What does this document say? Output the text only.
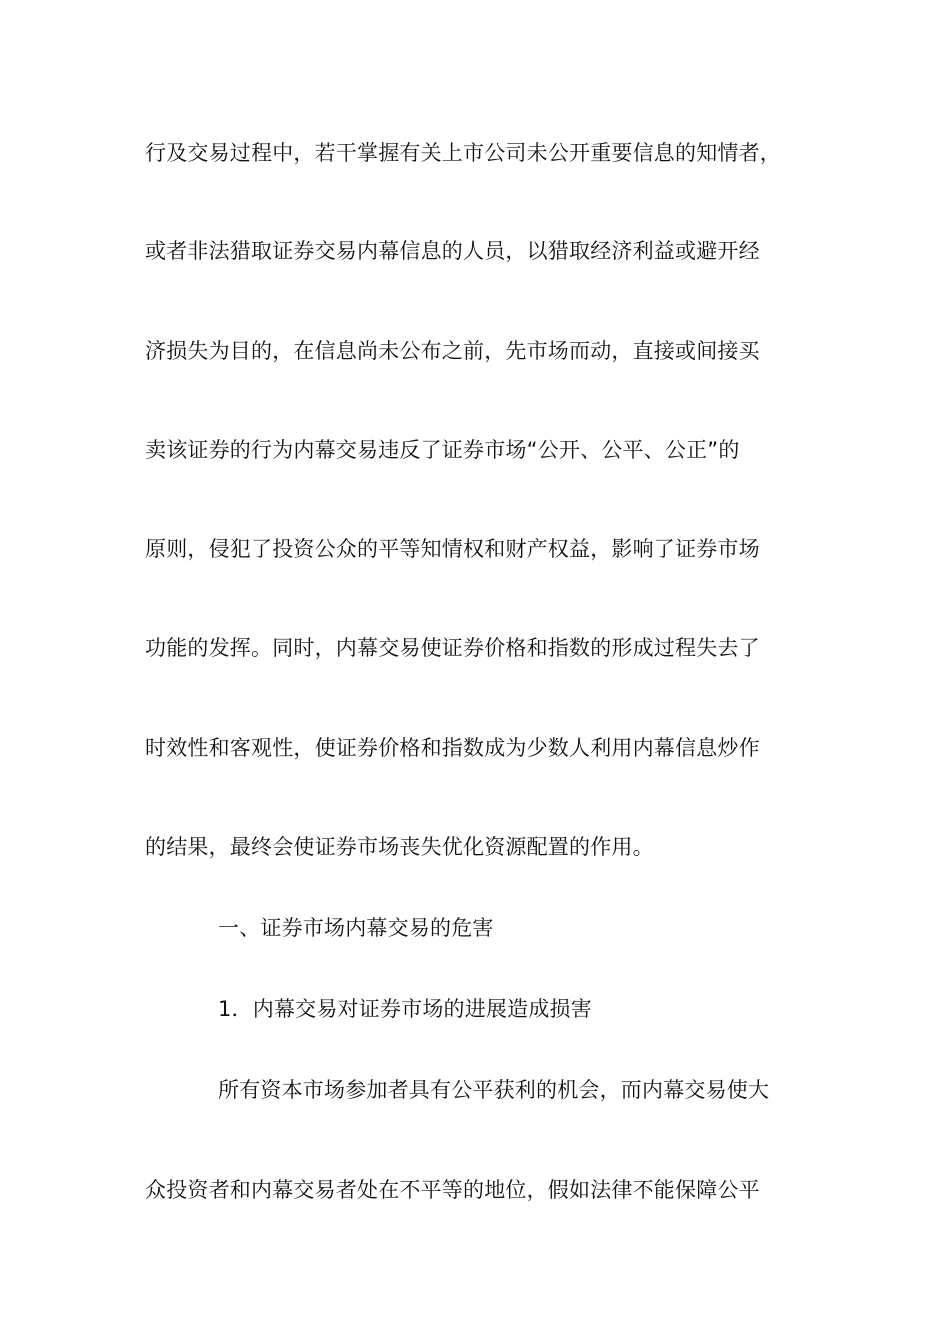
行及交易过程中，若干掌握有关上市公司未公开重要信息的知情者，
或者非法猎取证券交易内幕信息的人员，以猎取经济利益或避开经
济损失为目的，在信息尚未公布之前，先市场而动，直接或间接买
卖该证券的行为内幕交易违反了证券市场“公开、公平、公正”的
原则，侵犯了投资公众的平等知情权和财产权益，影响了证券市场
功能的发挥。同时，内幕交易使证券价格和指数的形成过程失去了
时效性和客观性，使证券价格和指数成为少数人利用内幕信息炒作
的结果，最终会使证券市场丧失优化资源配置的作用。
一、证券市场内幕交易的危害
1．内幕交易对证券市场的进展造成损害
所有资本市场参加者具有公平获利的机会，而内幕交易使大
众投资者和内幕交易者处在不平等的地位，假如法律不能保障公平
